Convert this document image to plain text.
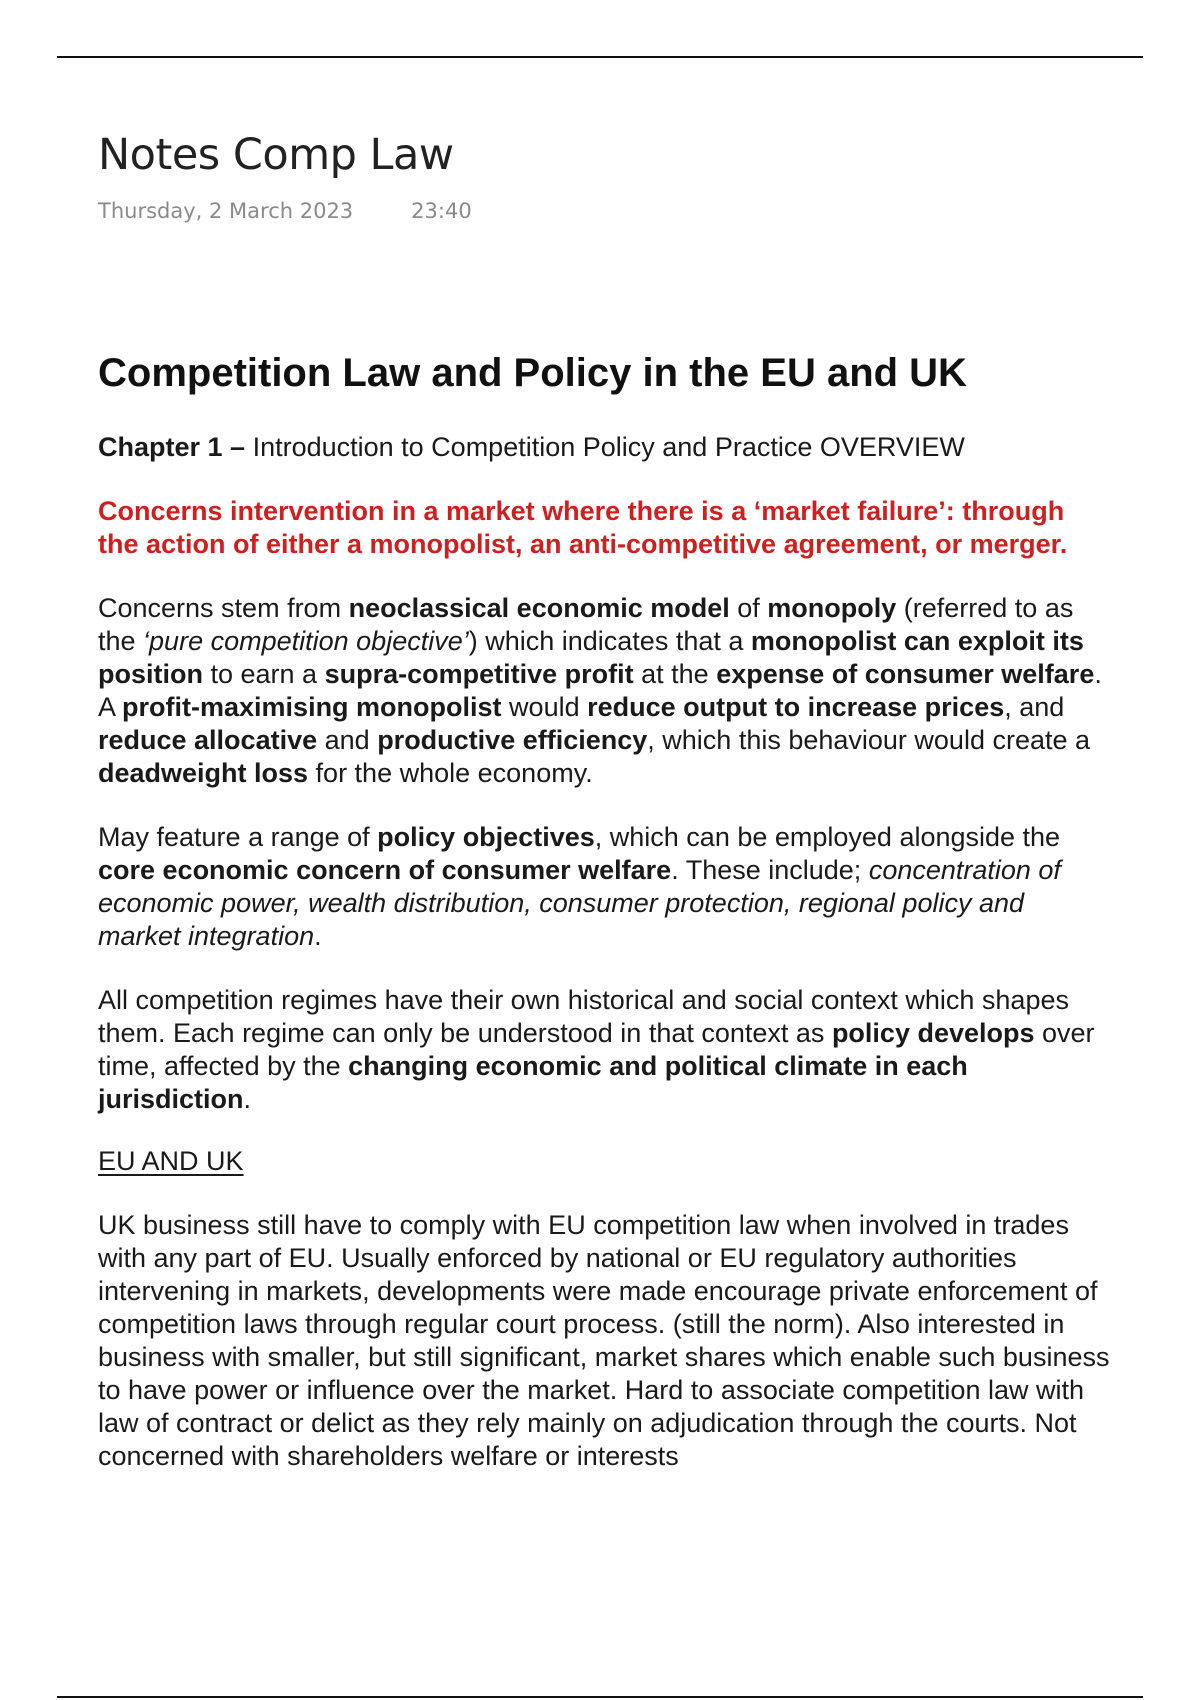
Notes Comp Law
Thursday, 2 March 2023	23:40
Competition Law and Policy in the EU and UK

Chapter 1 – Introduction to Competition Policy and Practice OVERVIEW

Concerns intervention in a market where there is a ‘market failure’: through the action of either a monopolist, an anti-competitive agreement, or merger.

Concerns stem from neoclassical economic model of monopoly (referred to as the ‘pure competition objective’) which indicates that a monopolist can exploit its position to earn a supra-competitive profit at the expense of consumer welfare. A profit-maximising monopolist would reduce output to increase prices, and reduce allocative and productive efficiency, which this behaviour would create a deadweight loss for the whole economy.

May feature a range of policy objectives, which can be employed alongside the core economic concern of consumer welfare. These include; concentration of economic power, wealth distribution, consumer protection, regional policy and market integration.

All competition regimes have their own historical and social context which shapes them. Each regime can only be understood in that context as policy develops over time, affected by the changing economic and political climate in each jurisdiction.

EU AND UK

UK business still have to comply with EU competition law when involved in trades with any part of EU. Usually enforced by national or EU regulatory authorities intervening in markets, developments were made encourage private enforcement of competition laws through regular court process. (still the norm). Also interested in business with smaller, but still significant, market shares which enable such business to have power or influence over the market. Hard to associate competition law with law of contract or delict as they rely mainly on adjudication through the courts. Not concerned with shareholders welfare or interests
